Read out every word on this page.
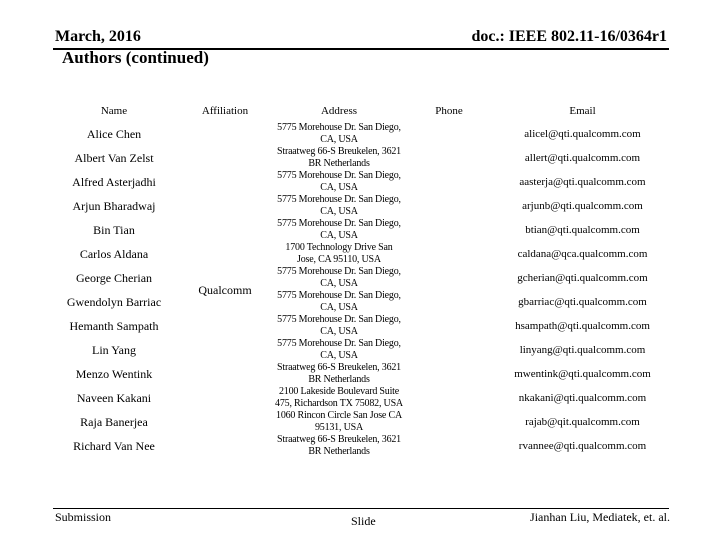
March, 2016	doc.: IEEE 802.11-16/0364r1
Authors (continued)
Name	Affiliation	Address	Phone	Email
Alice Chen	Qualcomm	5775 Morehouse Dr. San Diego, CA, USA		alicel@qti.qualcomm.com
Albert Van Zelst		Straatweg 66-S Breukelen, 3621 BR Netherlands		allert@qti.qualcomm.com
Alfred Asterjadhi		5775 Morehouse Dr. San Diego, CA, USA		aasterja@qti.qualcomm.com
Arjun Bharadwaj		5775 Morehouse Dr. San Diego, CA, USA		arjunb@qti.qualcomm.com
Bin Tian		5775 Morehouse Dr. San Diego, CA, USA		btian@qti.qualcomm.com
Carlos Aldana		1700 Technology Drive San Jose, CA 95110, USA		caldana@qca.qualcomm.com
George Cherian		5775 Morehouse Dr. San Diego, CA, USA		gcherian@qti.qualcomm.com
Gwendolyn Barriac		5775 Morehouse Dr. San Diego, CA, USA		gbarriac@qti.qualcomm.com
Hemanth Sampath		5775 Morehouse Dr. San Diego, CA, USA		hsampath@qti.qualcomm.com
Lin Yang		5775 Morehouse Dr. San Diego, CA, USA		linyang@qti.qualcomm.com
Menzo Wentink		Straatweg 66-S Breukelen, 3621 BR Netherlands		mwentink@qti.qualcomm.com
Naveen Kakani		2100 Lakeside Boulevard Suite 475, Richardson TX 75082, USA		nkakani@qti.qualcomm.com
Raja Banerjea		1060 Rincon Circle San Jose CA 95131, USA		rajab@qit.qualcomm.com
Richard Van Nee		Straatweg 66-S Breukelen, 3621 BR Netherlands		rvannee@qti.qualcomm.com
Submission	Slide	Jianhan Liu, Mediatek, et. al.
